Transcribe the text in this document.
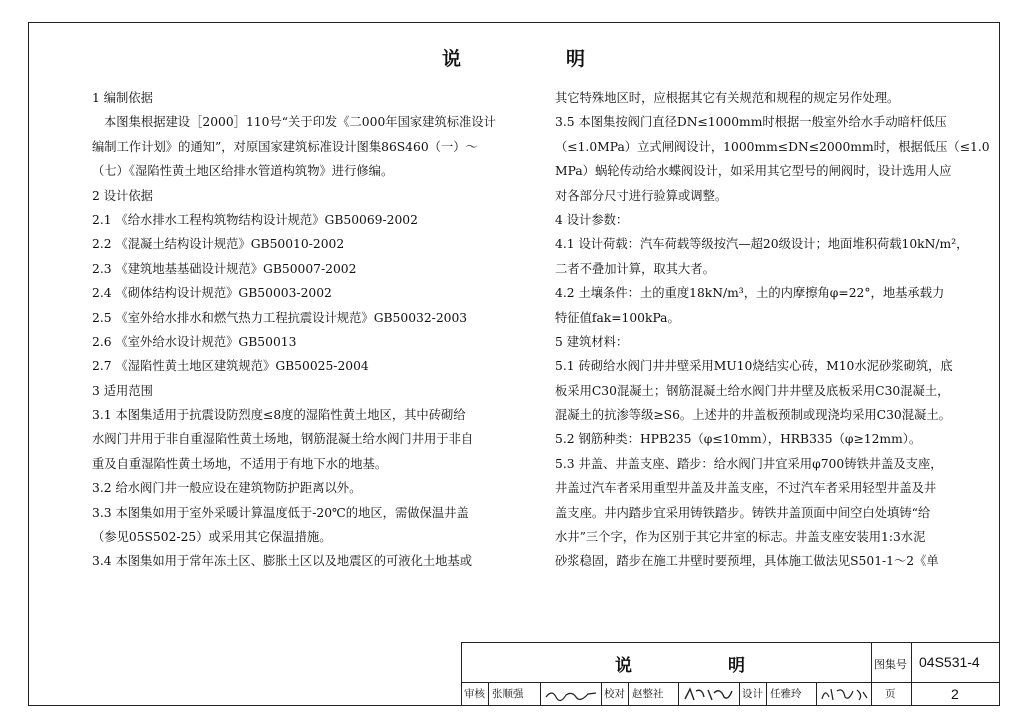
说	明
1 编制依据
本图集根据建设［2000］110号“关于印发《二000年国家建筑标准设计
编制工作计划》的通知”，对原国家建筑标准设计图集86S460（一）～
（七）《湿陷性黄土地区给排水管道构筑物》进行修编。
2 设计依据
2.1 《给水排水工程构筑物结构设计规范》GB50069-2002
2.2 《混凝土结构设计规范》GB50010-2002
2.3 《建筑地基基础设计规范》GB50007-2002
2.4 《砌体结构设计规范》GB50003-2002
2.5 《室外给水排水和燃气热力工程抗震设计规范》GB50032-2003
2.6 《室外给水设计规范》GB50013
2.7 《湿陷性黄土地区建筑规范》GB50025-2004
3 适用范围
3.1 本图集适用于抗震设防烈度≤8度的湿陷性黄土地区，其中砖砌给
水阀门井用于非自重湿陷性黄土场地，钢筋混凝土给水阀门井用于非自
重及自重湿陷性黄土场地，不适用于有地下水的地基。
3.2 给水阀门井一般应设在建筑物防护距离以外。
3.3 本图集如用于室外采暖计算温度低于-20℃的地区，需做保温井盖
（参见05S502-25）或采用其它保温措施。
3.4 本图集如用于常年冻土区、膨胀土区以及地震区的可液化土地基或
其它特殊地区时，应根据其它有关规范和规程的规定另作处理。
3.5 本图集按阀门直径DN≤1000mm时根据一般室外给水手动暗杆低压
（≤1.0MPa）立式闸阀设计，1000mm≤DN≤2000mm时，根据低压（≤1.0
MPa）蜗轮传动给水蝶阀设计，如采用其它型号的闸阀时，设计选用人应
对各部分尺寸进行验算或调整。
4 设计参数：
4.1 设计荷载：汽车荷载等级按汽—超20级设计；地面堆积荷载10kN/m²，
二者不叠加计算，取其大者。
4.2 土壤条件：土的重度18kN/m³，土的内摩擦角φ=22°，地基承载力
特征值fak=100kPa。
5 建筑材料：
5.1 砖砌给水阀门井井壁采用MU10烧结实心砖，M10水泥砂浆砌筑，底
板采用C30混凝土；钢筋混凝土给水阀门井井壁及底板采用C30混凝土，
混凝土的抗渗等级≥S6。上述井的井盖板预制或现浇均采用C30混凝土。
5.2 钢筋种类：HPB235（φ≤10mm），HRB335（φ≥12mm）。
5.3 井盖、井盖支座、踏步：给水阀门井宜采用φ700铸铁井盖及支座，
井盖过汽车者采用重型井盖及井盖支座，不过汽车者采用轻型井盖及井
盖支座。井内踏步宜采用铸铁踏步。铸铁井盖顶面中间空白处填铸“给
水井”三个字，作为区别于其它井室的标志。井盖支座安装用1:3水泥
砂浆稳固，踏步在施工井壁时要预埋，具体施工做法见S501-1～2《单
说	明	图集号 04S531-4
审核 张顺强	校对 赵整社	设计 任雅玲	页	2
